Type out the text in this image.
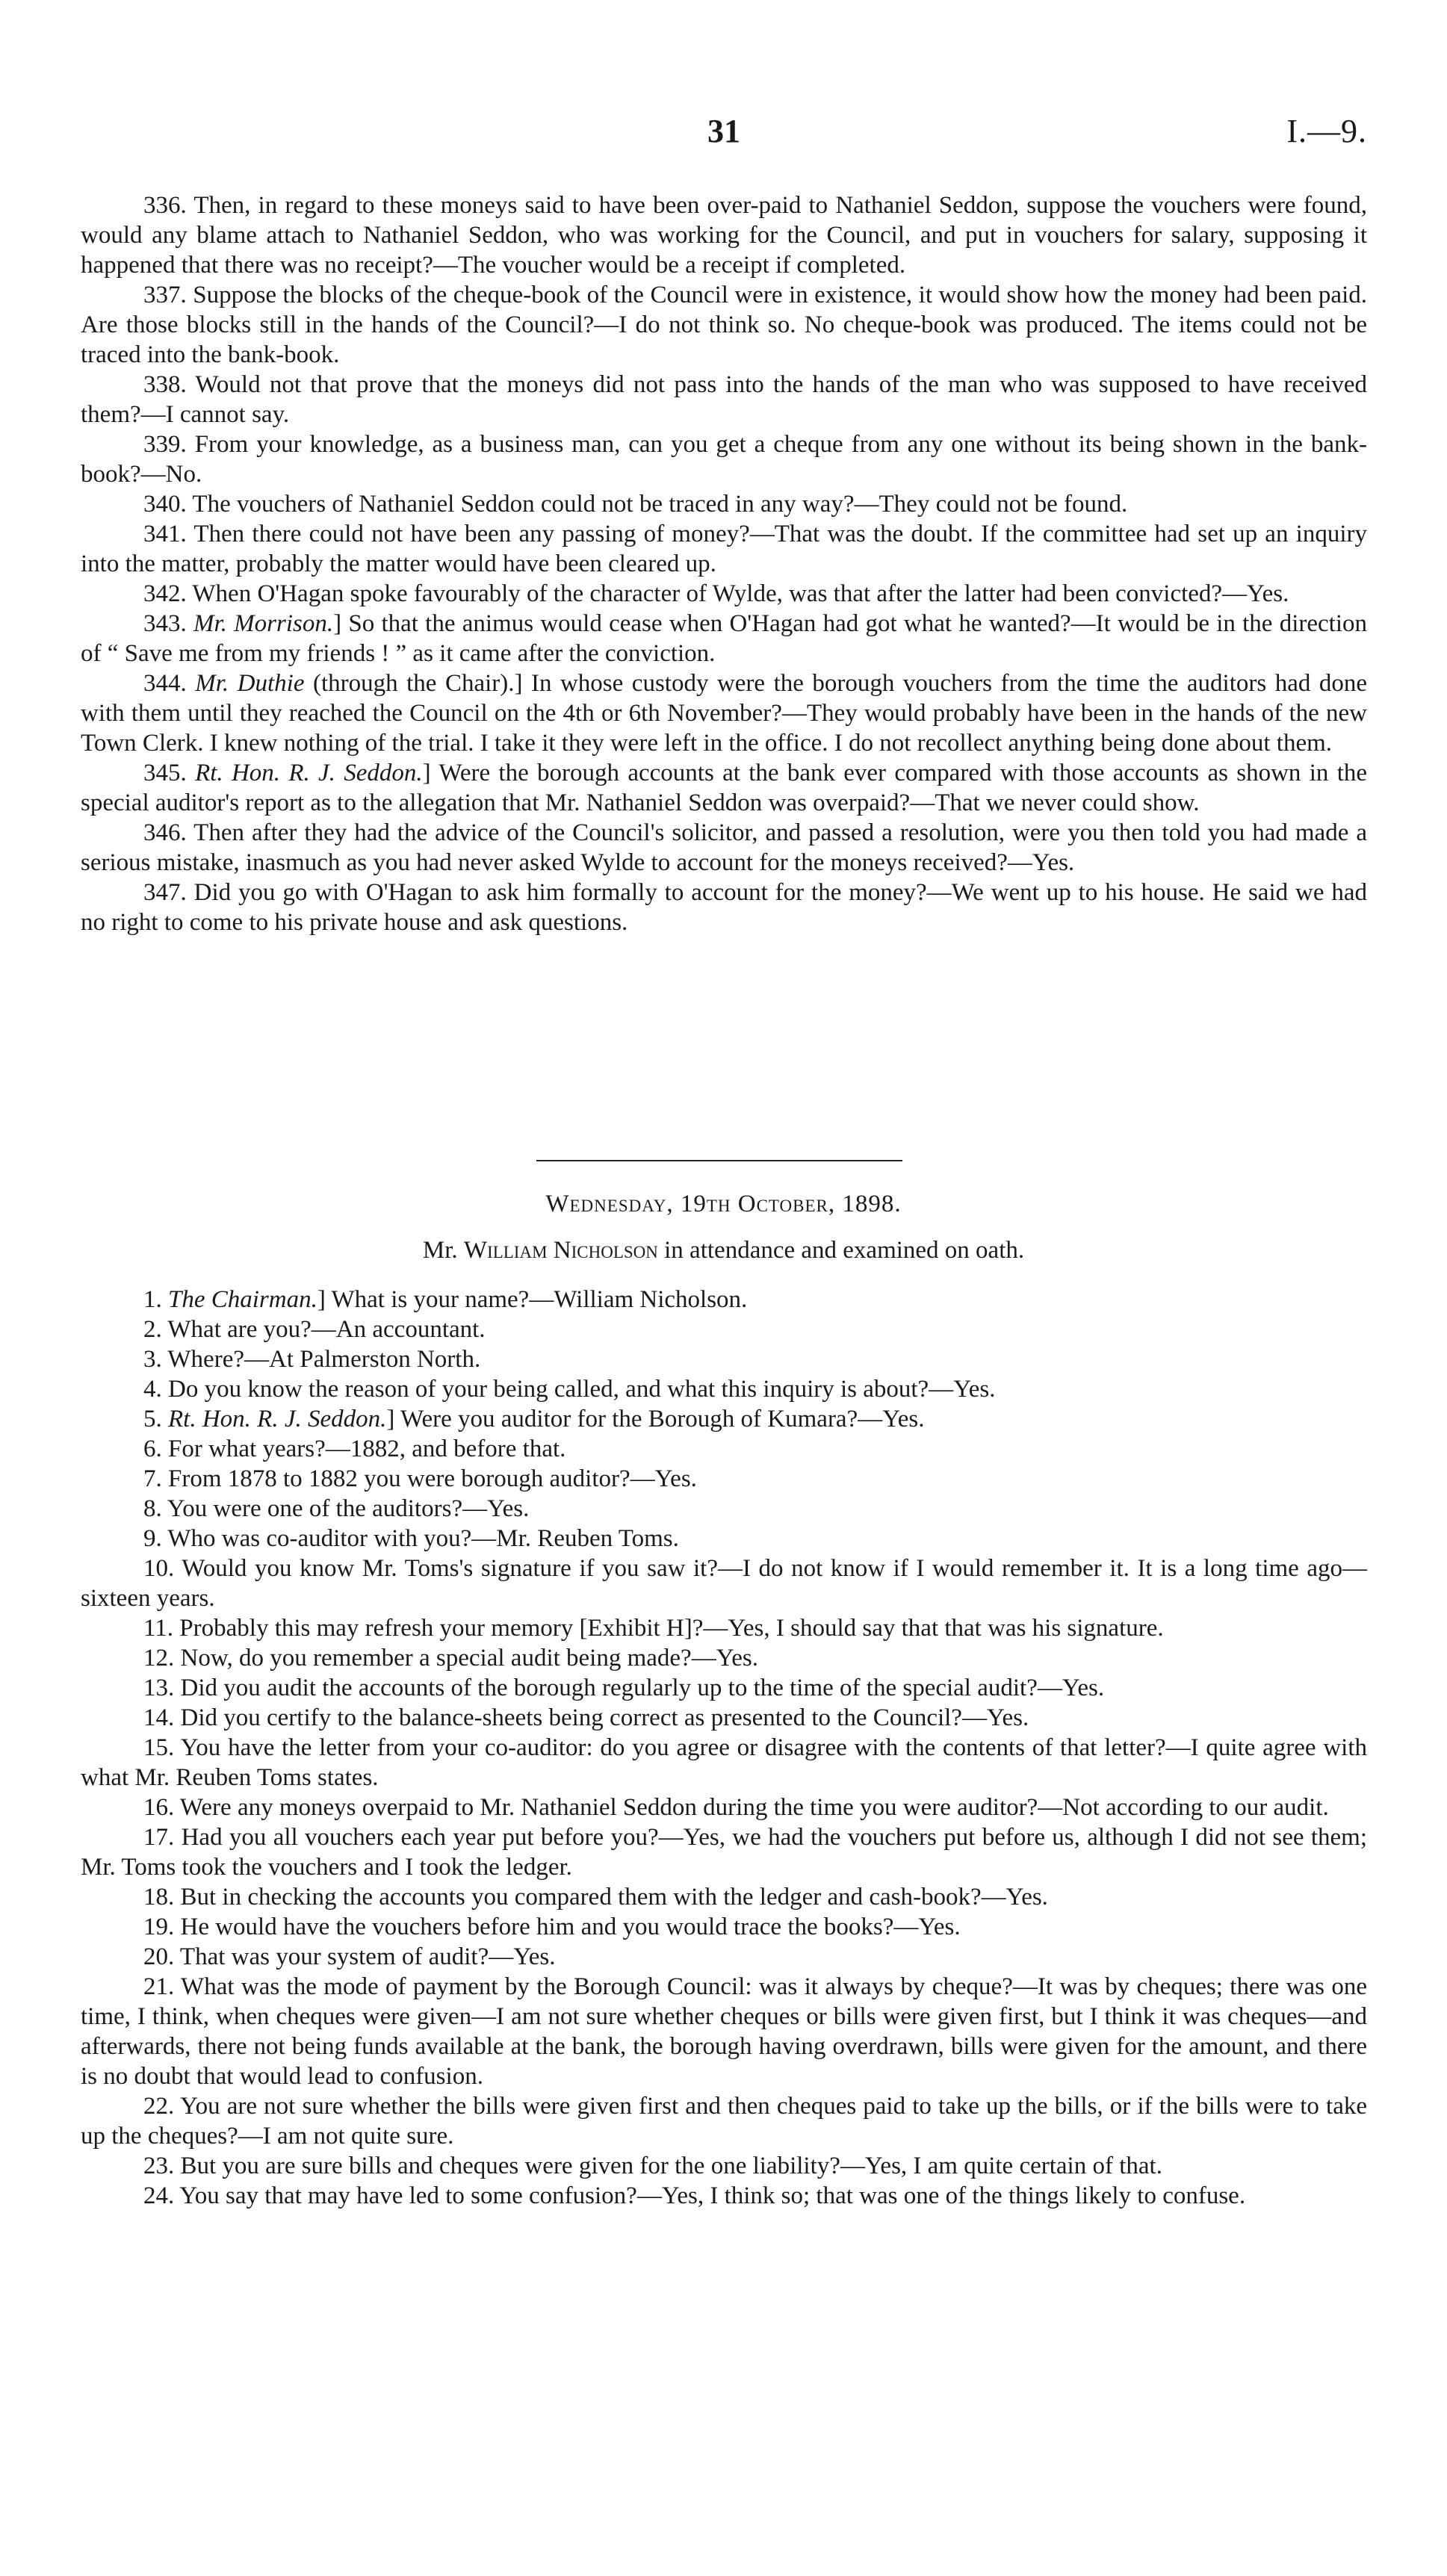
31	I.—9.

336. Then, in regard to these moneys said to have been over-paid to Nathaniel Seddon, suppose the vouchers were found, would any blame attach to Nathaniel Seddon, who was working for the Council, and put in vouchers for salary, supposing it happened that there was no receipt?—The voucher would be a receipt if completed.

337. Suppose the blocks of the cheque-book of the Council were in existence, it would show how the money had been paid. Are those blocks still in the hands of the Council?—I do not think so. No cheque-book was produced. The items could not be traced into the bank-book.

338. Would not that prove that the moneys did not pass into the hands of the man who was supposed to have received them?—I cannot say.

339. From your knowledge, as a business man, can you get a cheque from any one without its being shown in the bank-book?—No.

340. The vouchers of Nathaniel Seddon could not be traced in any way?—They could not be found.

341. Then there could not have been any passing of money?—That was the doubt. If the committee had set up an inquiry into the matter, probably the matter would have been cleared up.

342. When O'Hagan spoke favourably of the character of Wylde, was that after the latter had been convicted?—Yes.

343. Mr. Morrison.] So that the animus would cease when O'Hagan had got what he wanted?—It would be in the direction of “ Save me from my friends ! ” as it came after the conviction.

344. Mr. Duthie (through the Chair).] In whose custody were the borough vouchers from the time the auditors had done with them until they reached the Council on the 4th or 6th November?—They would probably have been in the hands of the new Town Clerk. I knew nothing of the trial. I take it they were left in the office. I do not recollect anything being done about them.

345. Rt. Hon. R. J. Seddon.] Were the borough accounts at the bank ever compared with those accounts as shown in the special auditor's report as to the allegation that Mr. Nathaniel Seddon was overpaid?—That we never could show.

346. Then after they had the advice of the Council's solicitor, and passed a resolution, were you then told you had made a serious mistake, inasmuch as you had never asked Wylde to account for the moneys received?—Yes.

347. Did you go with O'Hagan to ask him formally to account for the money?—We went up to his house. He said we had no right to come to his private house and ask questions.

Wednesday, 19th October, 1898.
Mr. William Nicholson in attendance and examined on oath.

1. The Chairman.] What is your name?—William Nicholson.

2. What are you?—An accountant.

3. Where?—At Palmerston North.

4. Do you know the reason of your being called, and what this inquiry is about?—Yes.

5. Rt. Hon. R. J. Seddon.] Were you auditor for the Borough of Kumara?—Yes.

6. For what years?—1882, and before that.

7. From 1878 to 1882 you were borough auditor?—Yes.

8. You were one of the auditors?—Yes.

9. Who was co-auditor with you?—Mr. Reuben Toms.

10. Would you know Mr. Toms's signature if you saw it?—I do not know if I would remember it. It is a long time ago—sixteen years.

11. Probably this may refresh your memory [Exhibit H]?—Yes, I should say that that was his signature.

12. Now, do you remember a special audit being made?—Yes.

13. Did you audit the accounts of the borough regularly up to the time of the special audit?—Yes.

14. Did you certify to the balance-sheets being correct as presented to the Council?—Yes.

15. You have the letter from your co-auditor: do you agree or disagree with the contents of that letter?—I quite agree with what Mr. Reuben Toms states.

16. Were any moneys overpaid to Mr. Nathaniel Seddon during the time you were auditor?—Not according to our audit.

17. Had you all vouchers each year put before you?—Yes, we had the vouchers put before us, although I did not see them; Mr. Toms took the vouchers and I took the ledger.

18. But in checking the accounts you compared them with the ledger and cash-book?—Yes.

19. He would have the vouchers before him and you would trace the books?—Yes.

20. That was your system of audit?—Yes.

21. What was the mode of payment by the Borough Council: was it always by cheque?—It was by cheques; there was one time, I think, when cheques were given—I am not sure whether cheques or bills were given first, but I think it was cheques—and afterwards, there not being funds available at the bank, the borough having overdrawn, bills were given for the amount, and there is no doubt that would lead to confusion.

22. You are not sure whether the bills were given first and then cheques paid to take up the bills, or if the bills were to take up the cheques?—I am not quite sure.

23. But you are sure bills and cheques were given for the one liability?—Yes, I am quite certain of that.

24. You say that may have led to some confusion?—Yes, I think so; that was one of the things likely to confuse.
